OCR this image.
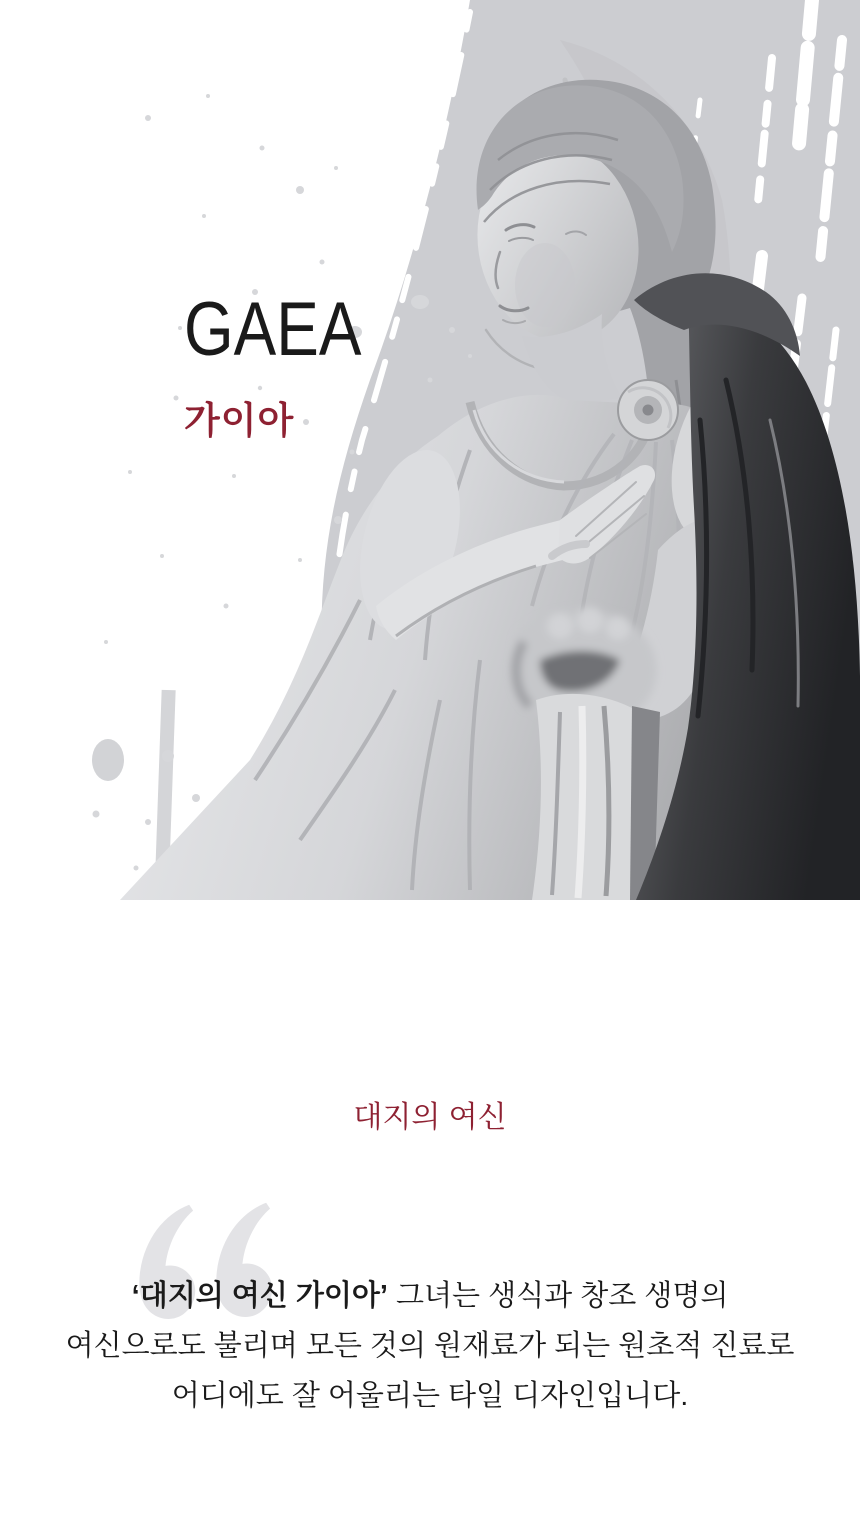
GAEA

가이아

대지의 여신

‘대지의 여신 가이아’ 그녀는 생식과 창조 생명의
여신으로도 불리며 모든 것의 원재료가 되는 원초적 진료로
어디에도 잘 어울리는 타일 디자인입니다.
